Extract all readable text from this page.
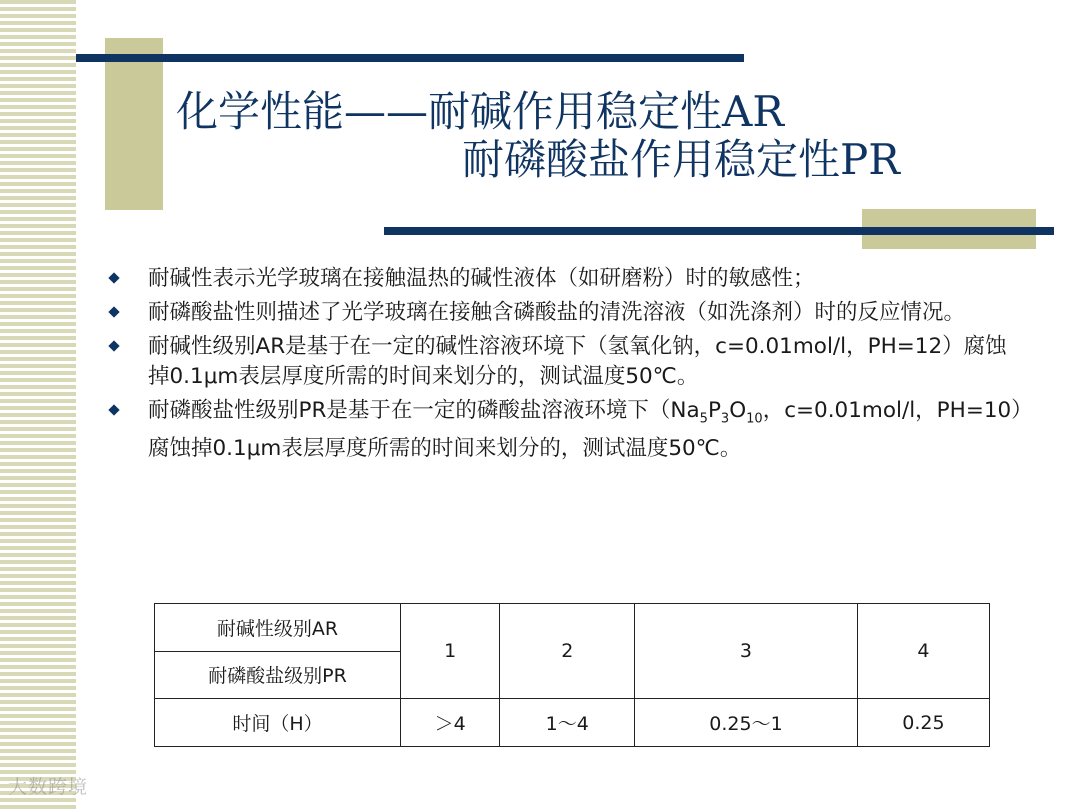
化学性能——耐碱作用稳定性AR
耐磷酸盐作用稳定性PR

耐碱性表示光学玻璃在接触温热的碱性液体（如研磨粉）时的敏感性；

耐磷酸盐性则描述了光学玻璃在接触含磷酸盐的清洗溶液（如洗涤剂）时的反应情况。

耐碱性级别AR是基于在一定的碱性溶液环境下（氢氧化钠，c=0.01mol/l，PH=12）腐蚀掉0.1μm表层厚度所需的时间来划分的，测试温度50℃。

耐磷酸盐性级别PR是基于在一定的磷酸盐溶液环境下（$Na_5P_3O_{10}$，c=0.01mol/l，PH=10）腐蚀掉0.1μm表层厚度所需的时间来划分的，测试温度50℃。

耐碱性级别AR	1	2	3	4
耐磷酸盐级别PR				
时间（H）	＞4	1～4	0.25～1	0.25
大数跨境
